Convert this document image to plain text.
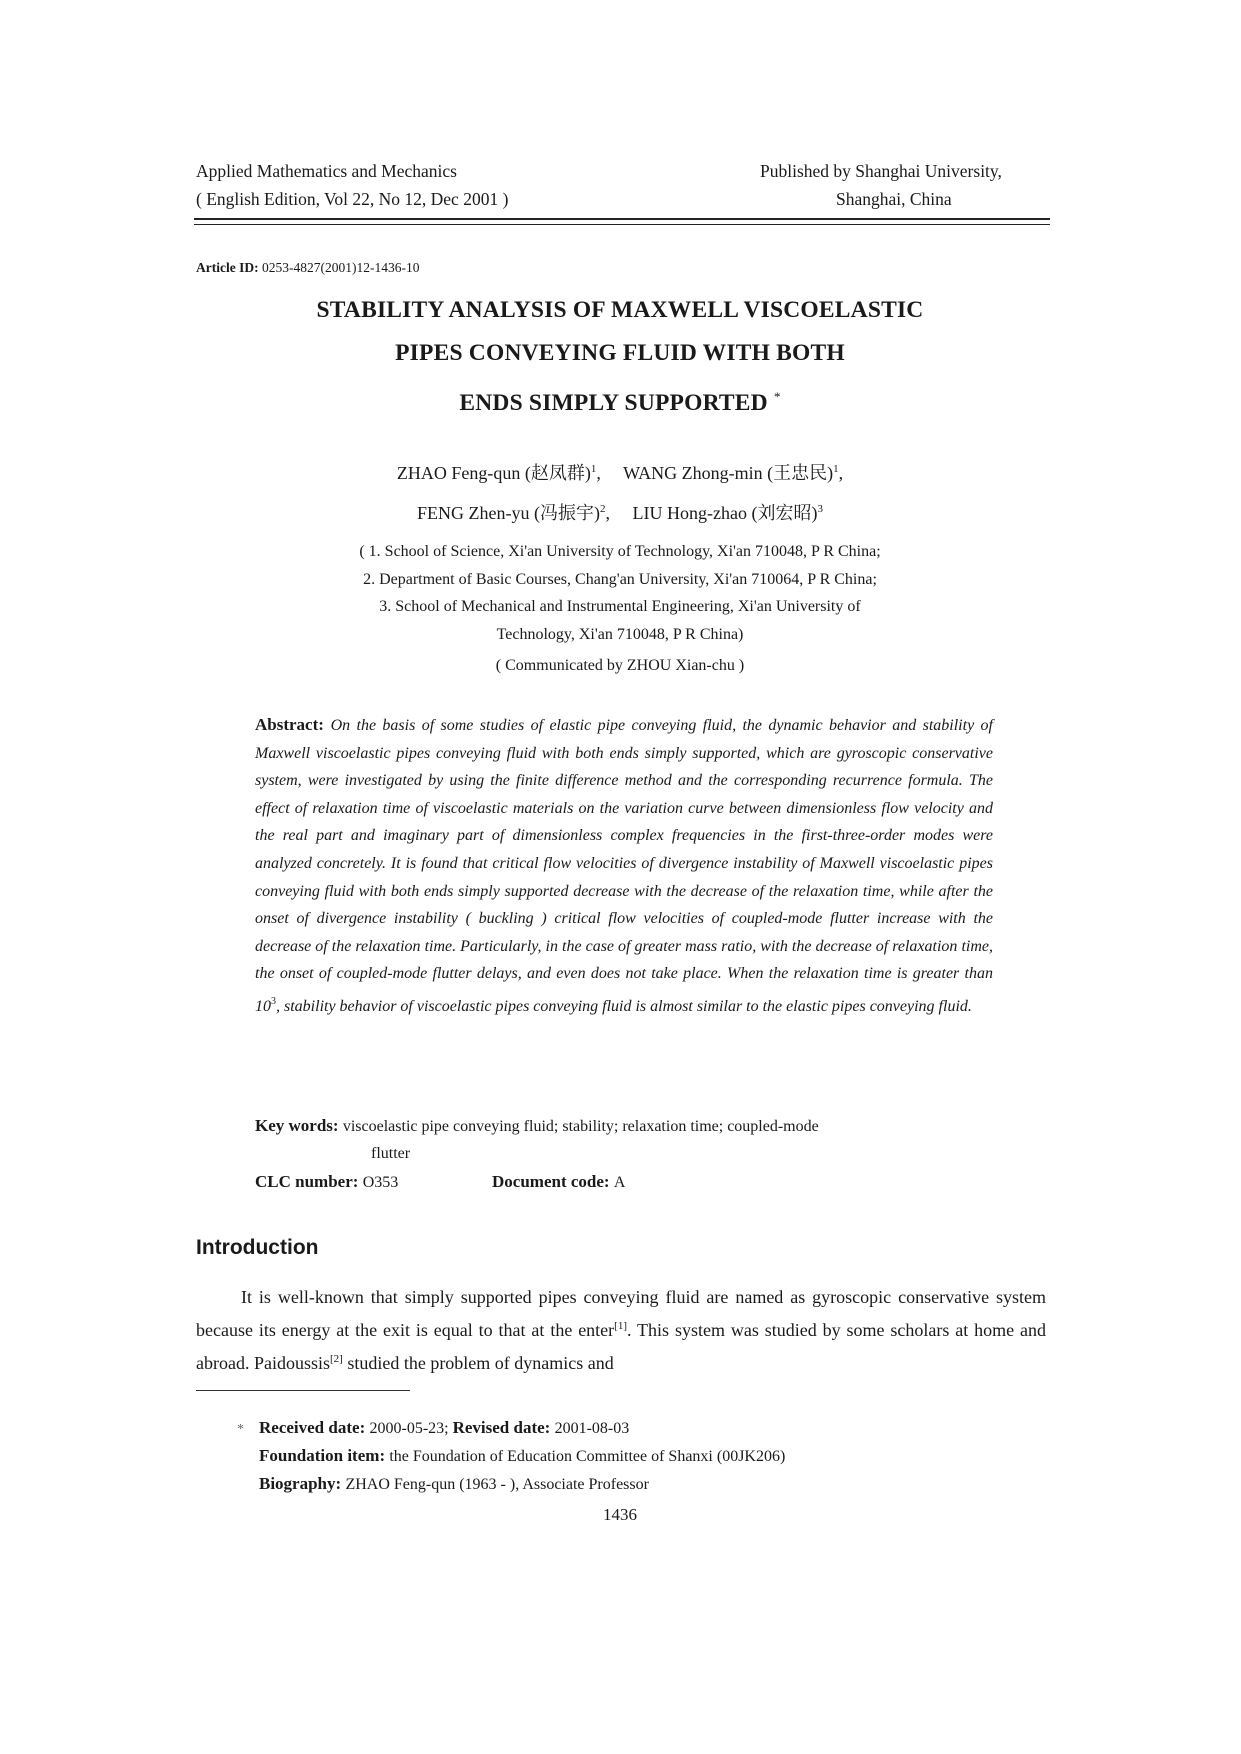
Applied Mathematics and Mechanics
( English Edition, Vol 22, No 12, Dec 2001 )
Published by Shanghai University,
Shanghai, China
Article ID: 0253-4827(2001)12-1436-10
STABILITY ANALYSIS OF MAXWELL VISCOELASTIC
PIPES CONVEYING FLUID WITH BOTH
ENDS SIMPLY SUPPORTED *
ZHAO Feng-qun (赵凤群)$^1$,     WANG Zhong-min (王忠民)$^1$,
FENG Zhen-yu (冯振宇)$^2$,     LIU Hong-zhao (刘宏昭)$^3$
( 1. School of Science, Xi'an University of Technology, Xi'an 710048, P R China;
2. Department of Basic Courses, Chang'an University, Xi'an 710064, P R China;
3. School of Mechanical and Instrumental Engineering, Xi'an University of
Technology, Xi'an 710048, P R China)
( Communicated by ZHOU Xian-chu )
Abstract: On the basis of some studies of elastic pipe conveying fluid, the dynamic behavior and stability of Maxwell viscoelastic pipes conveying fluid with both ends simply supported, which are gyroscopic conservative system, were investigated by using the finite difference method and the corresponding recurrence formula. The effect of relaxation time of viscoelastic materials on the variation curve between dimensionless flow velocity and the real part and imaginary part of dimensionless complex frequencies in the first-three-order modes were analyzed concretely. It is found that critical flow velocities of divergence instability of Maxwell viscoelastic pipes conveying fluid with both ends simply supported decrease with the decrease of the relaxation time, while after the onset of divergence instability ( buckling ) critical flow velocities of coupled-mode flutter increase with the decrease of the relaxation time. Particularly, in the case of greater mass ratio, with the decrease of relaxation time, the onset of coupled-mode flutter delays, and even does not take place. When the relaxation time is greater than $10^3$, stability behavior of viscoelastic pipes conveying fluid is almost similar to the elastic pipes conveying fluid.
Key words: viscoelastic pipe conveying fluid; stability; relaxation time; coupled-mode
flutter
CLC number: O353	Document code: A
Introduction

It is well-known that simply supported pipes conveying fluid are named as gyroscopic conservative system because its energy at the exit is equal to that at the enter[1]. This system was studied by some scholars at home and abroad. Paidoussis[2] studied the problem of dynamics and

* Received date: 2000-05-23; Revised date: 2001-08-03
Foundation item: the Foundation of Education Committee of Shanxi (00JK206)
Biography: ZHAO Feng-qun (1963 - ), Associate Professor
1436
